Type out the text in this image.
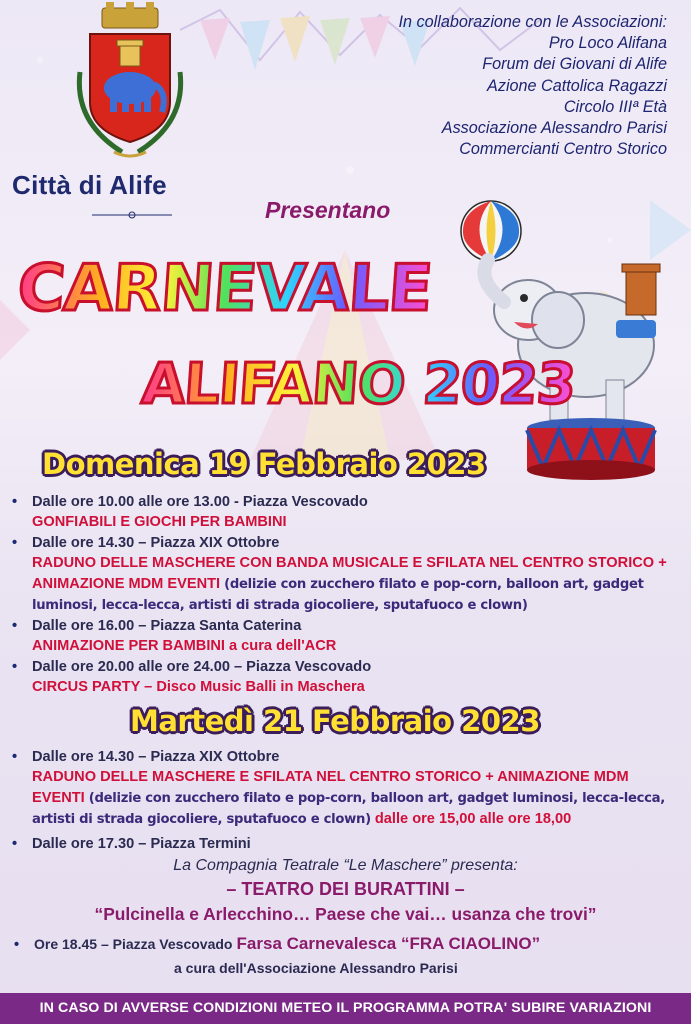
Città di Alife
In collaborazione con le Associazioni:
Pro Loco Alifana
Forum dei Giovani di Alife
Azione Cattolica Ragazzi
Circolo IIIª Età
Associazione Alessandro Parisi
Commercianti Centro Storico
Presentano
CARNEVALE
ALIFANO 2023
Domenica 19 Febbraio 2023
• Dalle ore 10.00 alle ore 13.00 - Piazza Vescovado
GONFIABILI E GIOCHI PER BAMBINI
• Dalle ore 14.30 – Piazza XIX Ottobre
RADUNO DELLE MASCHERE CON BANDA MUSICALE E SFILATA NEL CENTRO STORICO + ANIMAZIONE MDM EVENTI (delizie con zucchero filato e pop-corn, balloon art, gadget luminosi, lecca-lecca, artisti di strada giocoliere, sputafuoco e clown)
• Dalle ore 16.00 – Piazza Santa Caterina
ANIMAZIONE PER BAMBINI a cura dell'ACR
• Dalle ore 20.00 alle ore 24.00 – Piazza Vescovado
CIRCUS PARTY – Disco Music Balli in Maschera
Martedì 21 Febbraio 2023
• Dalle ore 14.30 – Piazza XIX Ottobre
RADUNO DELLE MASCHERE E SFILATA NEL CENTRO STORICO + ANIMAZIONE MDM EVENTI (delizie con zucchero filato e pop-corn, balloon art, gadget luminosi, lecca-lecca, artisti di strada giocoliere, sputafuoco e clown) dalle ore 15,00 alle ore 18,00
• Dalle ore 17.30 – Piazza Termini
La Compagnia Teatrale “Le Maschere” presenta:
– TEATRO DEI BURATTINI –
“Pulcinella e Arlecchino… Paese che vai… usanza che trovi”
• Ore 18.45 – Piazza Vescovado Farsa Carnevalesca “FRA CIAOLINO”
a cura dell'Associazione Alessandro Parisi
IN CASO DI AVVERSE CONDIZIONI METEO IL PROGRAMMA POTRA' SUBIRE VARIAZIONI
